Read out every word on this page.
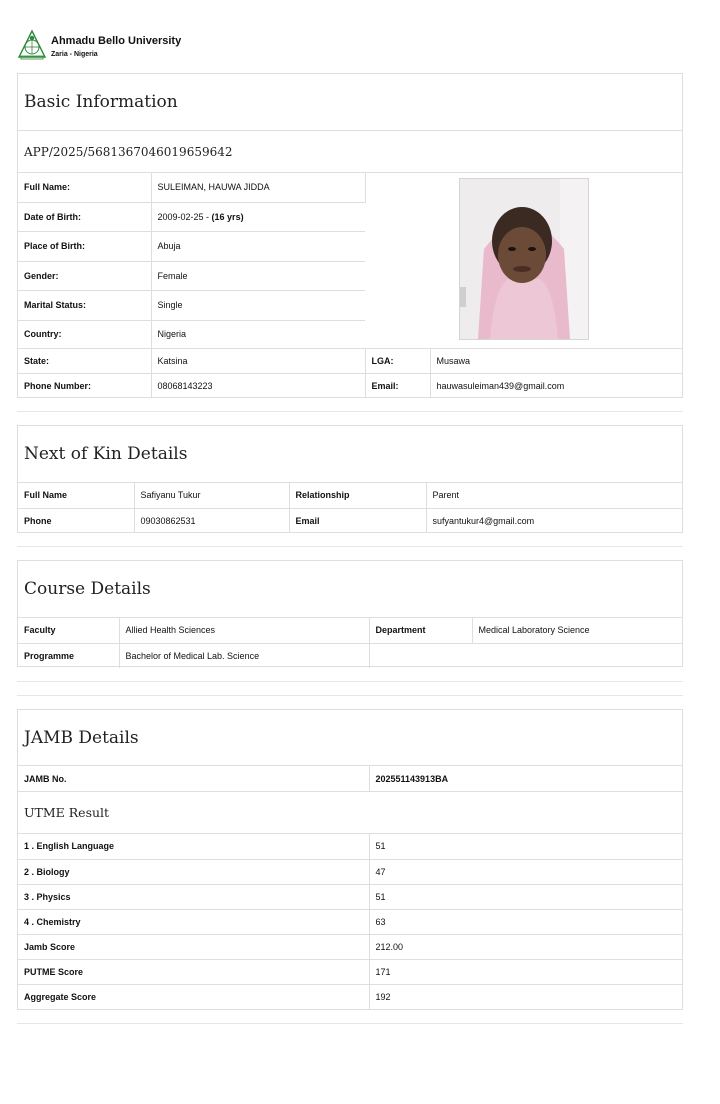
Ahmadu Bello University
Zaria - Nigeria
Basic Information
APP/2025/5681367046019659642
Full Name:	SULEIMAN, HAUWA JIDDA	
Date of Birth:	2009-02-25 - (16 yrs)		
Place of Birth:	Abuja		
Gender:	Female		
Marital Status:	Single		
Country:	Nigeria		
State:	Katsina	LGA:	Musawa
Phone Number:	08068143223	Email:	hauwasuleiman439@gmail.com
Next of Kin Details
Full Name	Safiyanu Tukur	Relationship	Parent
Phone	09030862531	Email	sufyantukur4@gmail.com
Course Details
Faculty	Allied Health Sciences	Department	Medical Laboratory Science
Programme	Bachelor of Medical Lab. Science		
JAMB Details
JAMB No.	202551143913BA
UTME Result
1 . English Language	51
2 . Biology	47
3 . Physics	51
4 . Chemistry	63
Jamb Score	212.00
PUTME Score	171
Aggregate Score	192
